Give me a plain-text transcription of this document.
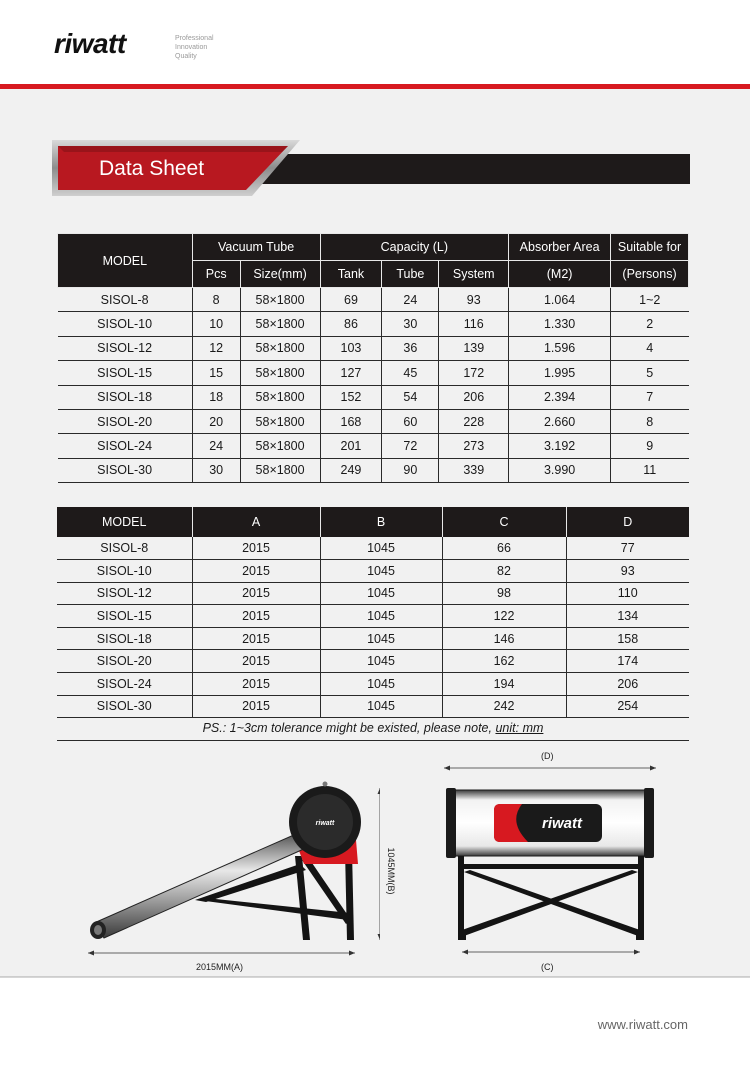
riwatt	Professional
Innovation
Quality
Data Sheet
MODEL	Vacuum Tube		Capacity (L)			Absorber Area	Suitable for
	Pcs	Size(mm)	Tank	Tube	System	(M2)	(Persons)
SISOL-8	8	58×1800	69	24	93	1.064	1~2
SISOL-10	10	58×1800	86	30	116	1.330	2
SISOL-12	12	58×1800	103	36	139	1.596	4
SISOL-15	15	58×1800	127	45	172	1.995	5
SISOL-18	18	58×1800	152	54	206	2.394	7
SISOL-20	20	58×1800	168	60	228	2.660	8
SISOL-24	24	58×1800	201	72	273	3.192	9
SISOL-30	30	58×1800	249	90	339	3.990	11
MODEL	A	B	C	D
SISOL-8	2015	1045	66	77
SISOL-10	2015	1045	82	93
SISOL-12	2015	1045	98	110
SISOL-15	2015	1045	122	134
SISOL-18	2015	1045	146	158
SISOL-20	2015	1045	162	174
SISOL-24	2015	1045	194	206
SISOL-30	2015	1045	242	254
PS.: 1~3cm tolerance might be existed, please note, unit: mm
riwatt
2015MM(A)
1045MM(B)
riwatt
(D)
(C)
www.riwatt.com
